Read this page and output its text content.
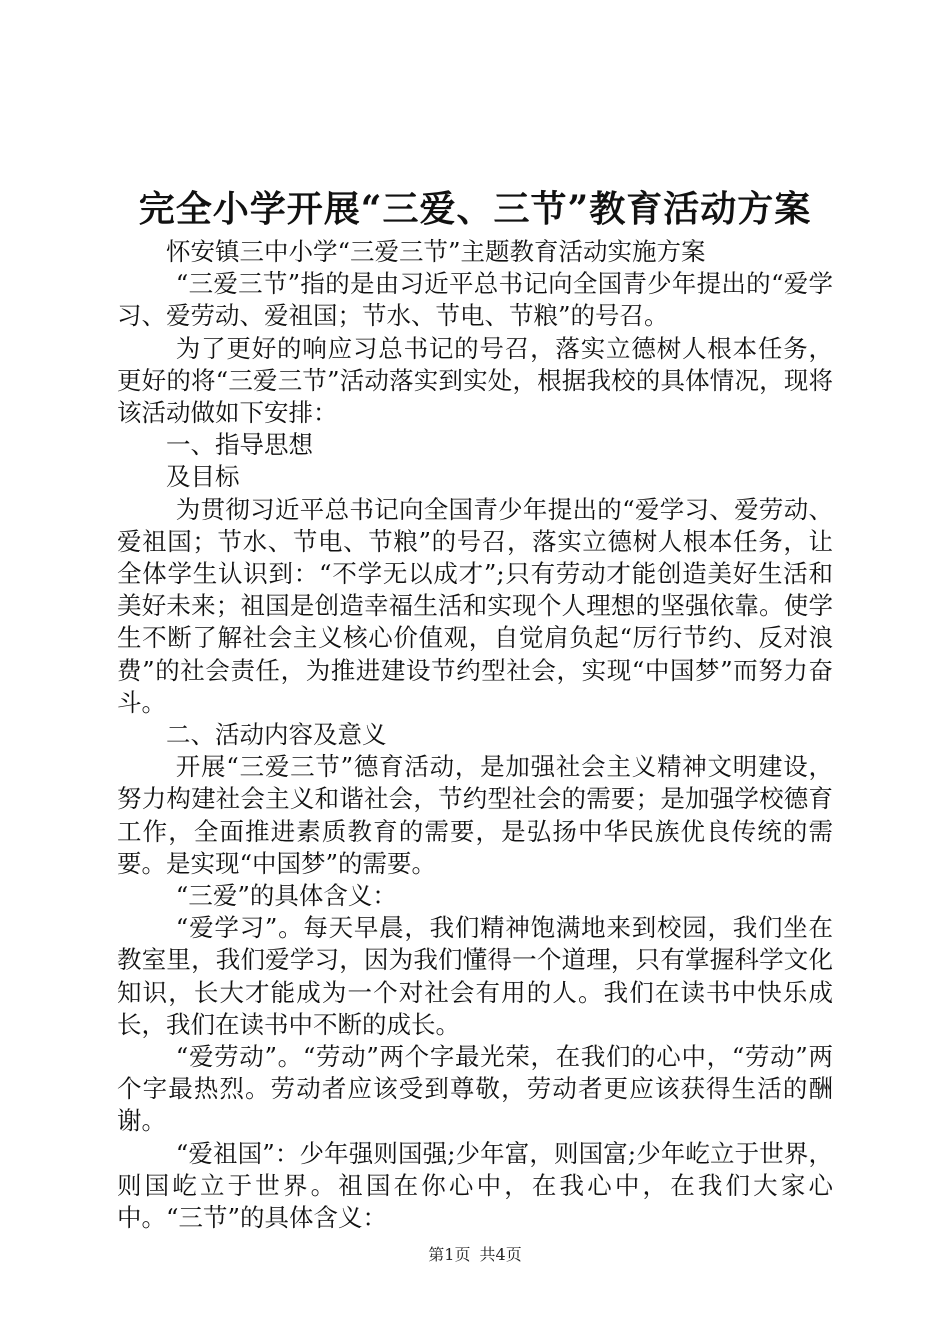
完全小学开展“三爱、三节”教育活动方案

怀安镇三中小学“三爱三节”主题教育活动实施方案

“三爱三节”指的是由习近平总书记向全国青少年提出的“爱学习、爱劳动、爱祖国；节水、节电、节粮”的号召。

为了更好的响应习总书记的号召，落实立德树人根本任务，更好的将“三爱三节”活动落实到实处，根据我校的具体情况，现将该活动做如下安排：

一、指导思想

及目标

为贯彻习近平总书记向全国青少年提出的“爱学习、爱劳动、爱祖国；节水、节电、节粮”的号召，落实立德树人根本任务，让全体学生认识到：“不学无以成才”;只有劳动才能创造美好生活和美好未来；祖国是创造幸福生活和实现个人理想的坚强依靠。使学生不断了解社会主义核心价值观，自觉肩负起“厉行节约、反对浪费”的社会责任，为推进建设节约型社会，实现“中国梦”而努力奋斗。

二、活动内容及意义

开展“三爱三节”德育活动，是加强社会主义精神文明建设，努力构建社会主义和谐社会，节约型社会的需要；是加强学校德育工作，全面推进素质教育的需要，是弘扬中华民族优良传统的需要。是实现“中国梦”的需要。

“三爱”的具体含义：

“爱学习”。每天早晨，我们精神饱满地来到校园，我们坐在教室里，我们爱学习，因为我们懂得一个道理，只有掌握科学文化知识，长大才能成为一个对社会有用的人。我们在读书中快乐成长，我们在读书中不断的成长。

“爱劳动”。“劳动”两个字最光荣，在我们的心中，“劳动”两个字最热烈。劳动者应该受到尊敬，劳动者更应该获得生活的酬谢。

“爱祖国”：少年强则国强;少年富，则国富;少年屹立于世界，则国屹立于世界。祖国在你心中，在我心中，在我们大家心中。“三节”的具体含义：

第1页 共4页
